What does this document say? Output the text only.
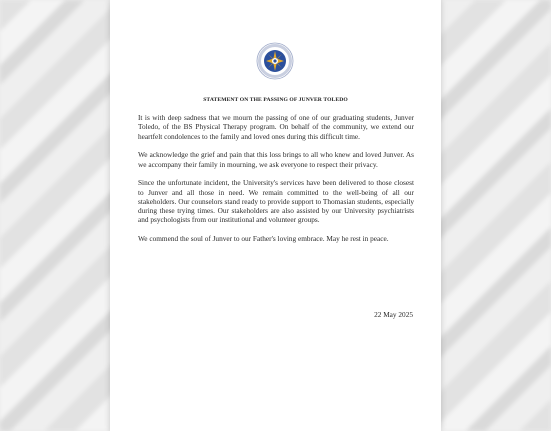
STATEMENT ON THE PASSING OF JUNVER TOLEDO

It is with deep sadness that we mourn the passing of one of our graduating students, Junver Toledo, of the BS Physical Therapy program. On behalf of the community, we extend our heartfelt condolences to the family and loved ones during this difficult time.

We acknowledge the grief and pain that this loss brings to all who knew and loved Junver. As we accompany their family in mourning, we ask everyone to respect their privacy.

Since the unfortunate incident, the University's services have been delivered to those closest to Junver and all those in need. We remain committed to the well-being of all our stakeholders. Our counselors stand ready to provide support to Thomasian students, especially during these trying times. Our stakeholders are also assisted by our University psychiatrists and psychologists from our institutional and volunteer groups.

We commend the soul of Junver to our Father's loving embrace. May he rest in peace.

22 May 2025
